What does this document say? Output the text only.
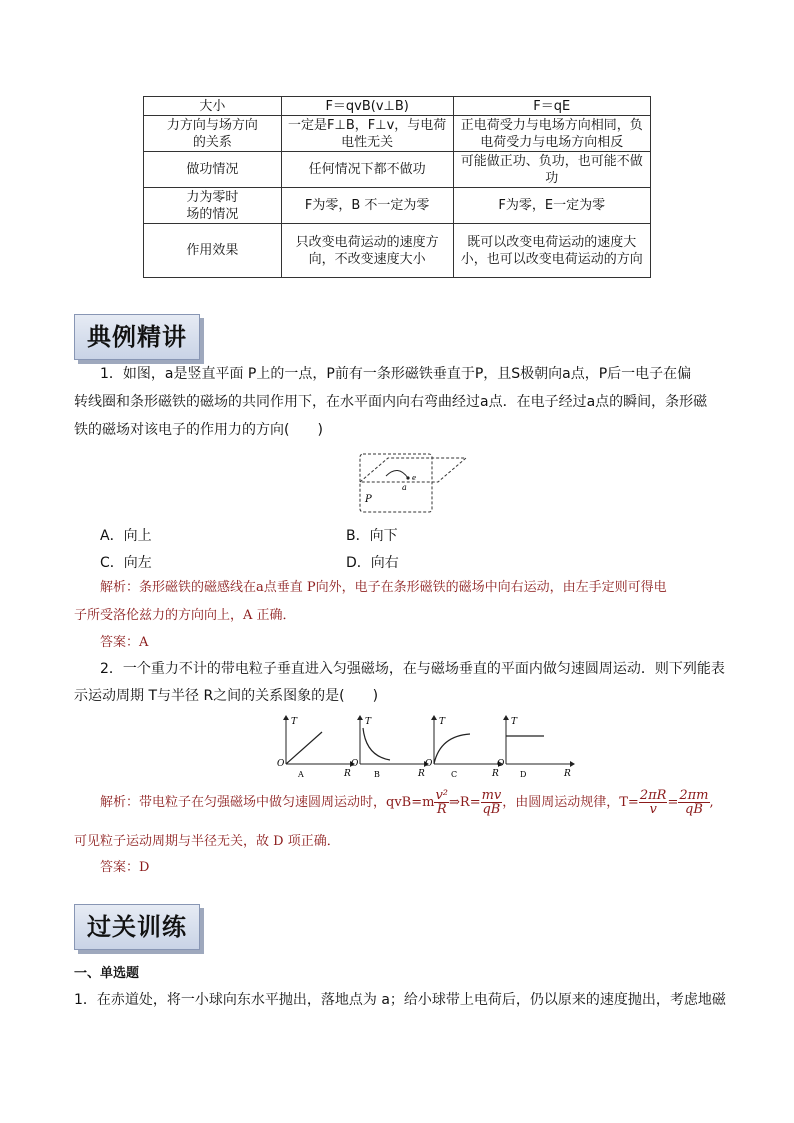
大小	F＝qvB(v⊥B)	F＝qE
力方向与场方向的关系	一定是F⊥B，F⊥v，与电荷电性无关	正电荷受力与电场方向相同，负电荷受力与电场方向相反
做功情况	任何情况下都不做功	可能做正功、负功，也可能不做功
力为零时场的情况	F为零，B 不一定为零	F为零，E一定为零
作用效果	只改变电荷运动的速度方向，不改变速度大小	既可以改变电荷运动的速度大小，也可以改变电荷运动的方向
典例精讲
1．如图，a是竖直平面 P上的一点，P前有一条形磁铁垂直于P，且S极朝向a点，P后一电子在偏
转线圈和条形磁铁的磁场的共同作用下，在水平面内向右弯曲经过a点．在电子经过a点的瞬间，条形磁
铁的磁场对该电子的作用力的方向(　　)
P
a
e
A．向上	B．向下
C．向左	D．向右
解析：条形磁铁的磁感线在a点垂直 P向外，电子在条形磁铁的磁场中向右运动，由左手定则可得电
子所受洛伦兹力的方向向上，A 正确．
答案：A
2．一个重力不计的带电粒子垂直进入匀强磁场，在与磁场垂直的平面内做匀速圆周运动．则下列能表
示运动周期 T与半径 R之间的关系图象的是(　　)
T
O
R
A
T
O
R
B
T
O
R
C
T
O
R
D
解析：带电粒子在匀强磁场中做匀速圆周运动时，$qvB=m \frac{\text{v²}}{R}$ ⇒R= $\frac{mv}{qB}$ ，由圆周运动规律，$T= \frac{2\pi R}{v} = \frac{2\pi m}{qB}$ ,
可见粒子运动周期与半径无关，故 D 项正确．
答案：D
过关训练
一、单选题
1．在赤道处，将一小球向东水平抛出，落地点为 a；给小球带上电荷后，仍以原来的速度抛出，考虑地磁
